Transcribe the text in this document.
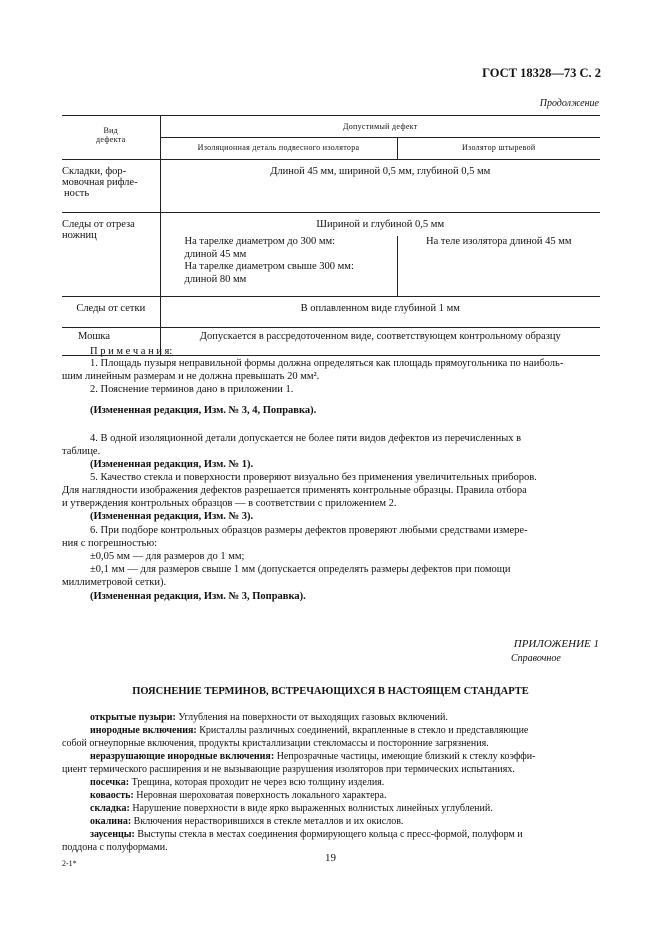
ГОСТ 18328—73 С. 2
Продолжение
Вид
дефекта	Допустимый дефект	
	Изоляционная деталь подвесного изолятора	Изолятор штыревой

Складки, фор-
мовочная рифле-
ность	Длиной 45 мм, шириной 0,5 мм, глубиной 0,5 мм	

Следы от отреза
ножниц	Шириной и глубиной 0,5 мм	

	На тарелке диаметром до 300 мм:
длиной 45 мм
На тарелке диаметром свыше 300 мм:
длиной 80 мм	На теле изолятора длиной 45 мм
Следы от сетки	В оплавленном виде глубиной 1 мм	
Мошка	Допускается в рассредоточенном виде, соответствующем контрольному образцу	
П р и м е ч а н и я:
1. Площадь пузыря неправильной формы должна определяться как площадь прямоугольника по наиболь-
шим линейным размерам и не должна превышать 20 мм².
2. Пояснение терминов дано в приложении 1.
(Измененная редакция, Изм. № 3, 4, Поправка).
4. В одной изоляционной детали допускается не более пяти видов дефектов из перечисленных в
таблице.
(Измененная редакция, Изм. № 1).
5. Качество стекла и поверхности проверяют визуально без применения увеличительных приборов.
Для наглядности изображения дефектов разрешается применять контрольные образцы. Правила отбора
и утверждения контрольных образцов — в соответствии с приложением 2.
(Измененная редакция, Изм. № 3).
6. При подборе контрольных образцов размеры дефектов проверяют любыми средствами измере-
ния с погрешностью:
±0,05 мм — для размеров до 1 мм;
±0,1 мм — для размеров свыше 1 мм (допускается определять размеры дефектов при помощи
миллиметровой сетки).
(Измененная редакция, Изм. № 3, Поправка).
ПРИЛОЖЕНИЕ 1
Справочное
ПОЯСНЕНИЕ ТЕРМИНОВ, ВСТРЕЧАЮЩИХСЯ В НАСТОЯЩЕМ СТАНДАРТЕ
открытые пузыри: Углубления на поверхности от выходящих газовых включений.
инородные включения: Кристаллы различных соединений, вкрапленные в стекло и представляющие
собой огнеупорные включения, продукты кристаллизации стекломассы и посторонние загрязнения.
неразрушающие инородные включения: Непрозрачные частицы, имеющие близкий к стеклу коэффи-
циент термического расширения и не вызывающие разрушения изоляторов при термических испытаниях.
посечка: Трещина, которая проходит не через всю толщину изделия.
коваость: Неровная шероховатая поверхность локального характера.
складка: Нарушение поверхности в виде ярко выраженных волнистых линейных углублений.
окалина: Включения нерастворившихся в стекле металлов и их окислов.
заусенцы: Выступы стекла в местах соединения формирующего кольца с пресс-формой, полуформ и
поддона с полуформами.
2-1*	19
